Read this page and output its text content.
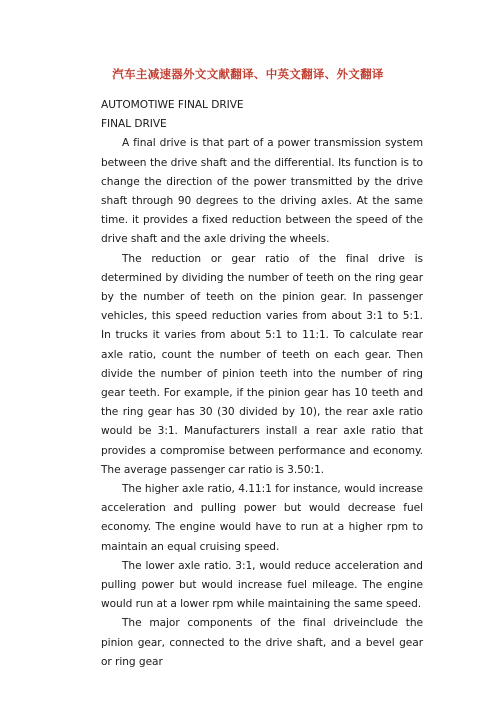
汽车主减速器外文文献翻译、中英文翻译、外文翻译

AUTOMOTIWE FINAL DRIVE

FINAL DRIVE

A final drive is that part of a power transmission system between the drive shaft and the differential. Its function is to change the direction of the power transmitted by the drive shaft through 90 degrees to the driving axles. At the same time. it provides a fixed reduction between the speed of the drive shaft and the axle driving the wheels.

The reduction or gear ratio of the final drive is determined by dividing the number of teeth on the ring gear by the number of teeth on the pinion gear. In passenger vehicles, this speed reduction varies from about 3:1 to 5:1. In trucks it varies from about 5:1 to 11:1. To calculate rear axle ratio, count the number of teeth on each gear. Then divide the number of pinion teeth into the number of ring gear teeth. For example, if the pinion gear has 10 teeth and the ring gear has 30 (30 divided by 10), the rear axle ratio would be 3:1. Manufacturers install a rear axle ratio that provides a compromise between performance and economy. The average passenger car ratio is 3.50:1.

The higher axle ratio, 4.11:1 for instance, would increase acceleration and pulling power but would decrease fuel economy. The engine would have to run at a higher rpm to maintain an equal cruising speed.

The lower axle ratio. 3:1, would reduce acceleration and pulling power but would increase fuel mileage. The engine would run at a lower rpm while maintaining the same speed.

The major components of the final driveinclude the pinion gear, connected to the drive shaft, and a bevel gear or ring gear
